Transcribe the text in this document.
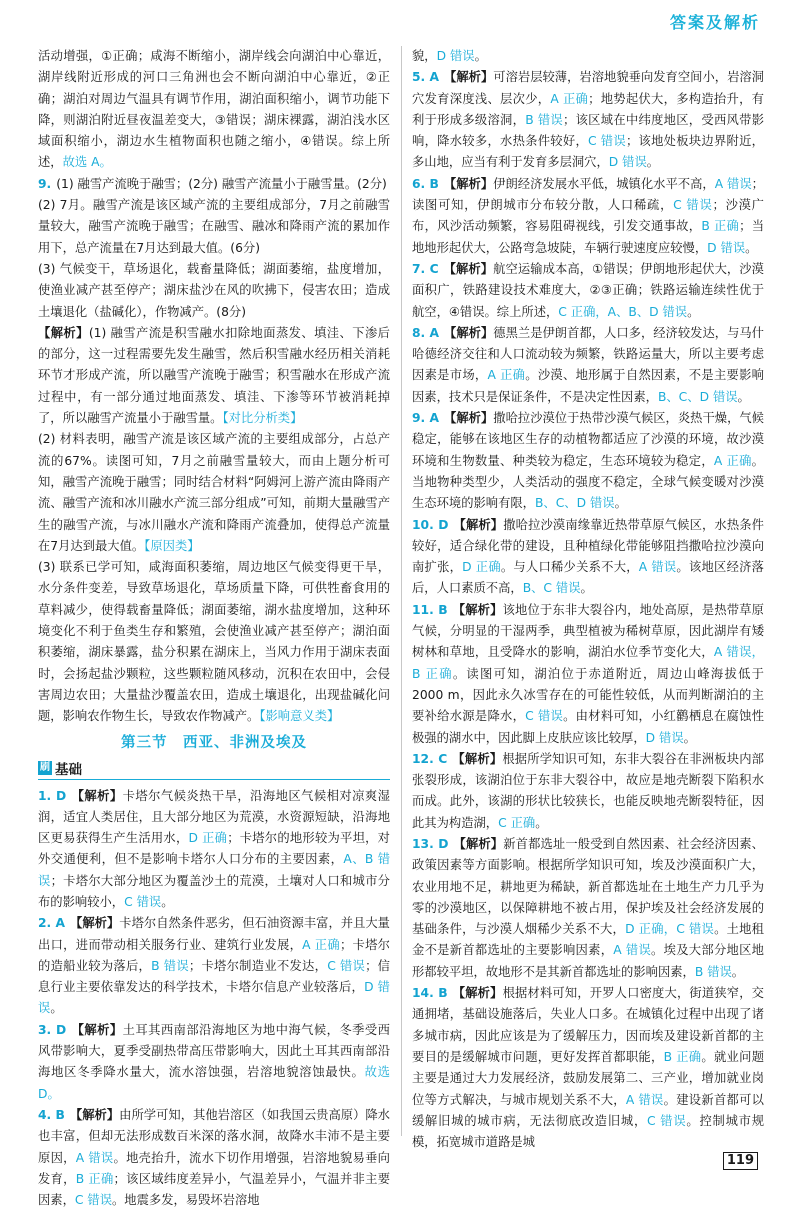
答案及解析

活动增强，①正确；咸海不断缩小，湖岸线会向湖泊中心靠近，湖岸线附近形成的河口三角洲也会不断向湖泊中心靠近，②正确；湖泊对周边气温具有调节作用，湖泊面积缩小，调节功能下降，则湖泊附近昼夜温差变大，③错误；湖床裸露，湖泊浅水区域面积缩小，湖边水生植物面积也随之缩小，④错误。综上所述，故选 A。

9. (1) 融雪产流晚于融雪；(2分) 融雪产流量小于融雪量。(2分)

(2) 7月。融雪产流是该区域产流的主要组成部分，7月之前融雪量较大，融雪产流晚于融雪；在融雪、融冰和降雨产流的累加作用下，总产流量在7月达到最大值。(6分)

(3) 气候变干，草场退化，载畜量降低；湖面萎缩，盐度增加，使渔业减产甚至停产；湖床盐沙在风的吹拂下，侵害农田；造成土壤退化（盐碱化），作物减产。(8分)

【解析】(1) 融雪产流是积雪融水扣除地面蒸发、填洼、下渗后的部分，这一过程需要先发生融雪，然后积雪融水经历相关消耗环节才形成产流，所以融雪产流晚于融雪；积雪融水在形成产流过程中，有一部分通过地面蒸发、填洼、下渗等环节被消耗掉了，所以融雪产流量小于融雪量。【对比分析类】

(2) 材料表明，融雪产流是该区域产流的主要组成部分，占总产流的67%。读图可知，7月之前融雪量较大，而由上题分析可知，融雪产流晚于融雪；同时结合材料“阿姆河上游产流由降雨产流、融雪产流和冰川融水产流三部分组成”可知，前期大量融雪产生的融雪产流，与冰川融水产流和降雨产流叠加，使得总产流量在7月达到最大值。【原因类】

(3) 联系已学可知，咸海面积萎缩，周边地区气候变得更干旱，水分条件变差，导致草场退化，草场质量下降，可供牲畜食用的草料减少，使得载畜量降低；湖面萎缩，湖水盐度增加，这种环境变化不利于鱼类生存和繁殖，会使渔业减产甚至停产；湖泊面积萎缩，湖床暴露，盐分积累在湖床上，当风力作用于湖床表面时，会扬起盐沙颗粒，这些颗粒随风移动，沉积在农田中，会侵害周边农田；大量盐沙覆盖农田，造成土壤退化，出现盐碱化问题，影响农作物生长，导致农作物减产。【影响意义类】

第三节　西亚、非洲及埃及
刷 基础

1. D 【解析】卡塔尔气候炎热干旱，沿海地区气候相对凉爽湿润，适宜人类居住，且大部分地区为荒漠，水资源短缺，沿海地区更易获得生产生活用水，D 正确；卡塔尔的地形较为平坦，对外交通便利，但不是影响卡塔尔人口分布的主要因素，A、B 错误；卡塔尔大部分地区为覆盖沙土的荒漠，土壤对人口和城市分布的影响较小，C 错误。

2. A 【解析】卡塔尔自然条件恶劣，但石油资源丰富，并且大量出口，进而带动相关服务行业、建筑行业发展，A 正确；卡塔尔的造船业较为落后，B 错误；卡塔尔制造业不发达，C 错误；信息行业主要依靠发达的科学技术，卡塔尔信息产业较落后，D 错误。

3. D 【解析】土耳其西南部沿海地区为地中海气候，冬季受西风带影响大，夏季受副热带高压带影响大，因此土耳其西南部沿海地区冬季降水量大，流水溶蚀强，岩溶地貌溶蚀最快。故选 D。

4. B 【解析】由所学可知，其他岩溶区（如我国云贵高原）降水也丰富，但却无法形成数百米深的落水洞，故降水丰沛不是主要原因，A 错误。地壳抬升，流水下切作用增强，岩溶地貌易垂向发育，B 正确；该区域纬度差异小，气温差异小，气温并非主要因素，C 错误。地震多发，易毁坏岩溶地

貌，D 错误。

5. A 【解析】可溶岩层较薄，岩溶地貌垂向发育空间小，岩溶洞穴发育深度浅、层次少，A 正确；地势起伏大，多构造抬升，有利于形成多级溶洞，B 错误；该区域在中纬度地区，受西风带影响，降水较多，水热条件较好，C 错误；该地处板块边界附近，多山地，应当有利于发育多层洞穴，D 错误。

6. B 【解析】伊朗经济发展水平低，城镇化水平不高，A 错误；读图可知，伊朗城市分布较分散，人口稀疏，C 错误；沙漠广布，风沙活动频繁，容易阻碍视线，引发交通事故，B 正确；当地地形起伏大，公路弯急坡陡，车辆行驶速度应较慢，D 错误。

7. C 【解析】航空运输成本高，①错误；伊朗地形起伏大，沙漠面积广，铁路建设技术难度大，②③正确；铁路运输连续性优于航空，④错误。综上所述，C 正确，A、B、D 错误。

8. A 【解析】德黑兰是伊朗首都，人口多，经济较发达，与马什哈德经济交往和人口流动较为频繁，铁路运量大，所以主要考虑因素是市场，A 正确。沙漠、地形属于自然因素，不是主要影响因素，技术只是保证条件，不是决定性因素，B、C、D 错误。

9. A 【解析】撒哈拉沙漠位于热带沙漠气候区，炎热干燥，气候稳定，能够在该地区生存的动植物都适应了沙漠的环境，故沙漠环境和生物数量、种类较为稳定，生态环境较为稳定，A 正确。当地物种类型少，人类活动的强度不稳定，全球气候变暖对沙漠生态环境的影响有限，B、C、D 错误。

10. D 【解析】撒哈拉沙漠南缘靠近热带草原气候区，水热条件较好，适合绿化带的建设，且种植绿化带能够阻挡撒哈拉沙漠向南扩张，D 正确。与人口稀少关系不大，A 错误。该地区经济落后，人口素质不高，B、C 错误。

11. B 【解析】该地位于东非大裂谷内，地处高原，是热带草原气候，分明显的干湿两季，典型植被为稀树草原，因此湖岸有矮树林和草地，且受降水的影响，湖泊水位季节变化大，A 错误，B 正确。读图可知，湖泊位于赤道附近，周边山峰海拔低于 2000 m，因此永久冰雪存在的可能性较低，从而判断湖泊的主要补给水源是降水，C 错误。由材料可知，小红鹳栖息在腐蚀性极强的湖水中，因此脚上皮肤应该比较厚，D 错误。

12. C 【解析】根据所学知识可知，东非大裂谷在非洲板块内部张裂形成，该湖泊位于东非大裂谷中，故应是地壳断裂下陷积水而成。此外，该湖的形状比较狭长，也能反映地壳断裂特征，因此其为构造湖，C 正确。

13. D 【解析】新首都选址一般受到自然因素、社会经济因素、政策因素等方面影响。根据所学知识可知，埃及沙漠面积广大，农业用地不足，耕地更为稀缺，新首都选址在土地生产力几乎为零的沙漠地区，以保障耕地不被占用，保护埃及社会经济发展的基础条件，与沙漠人烟稀少关系不大，D 正确，C 错误。土地租金不是新首都选址的主要影响因素，A 错误。埃及大部分地区地形都较平坦，故地形不是其新首都选址的影响因素，B 错误。

14. B 【解析】根据材料可知，开罗人口密度大，街道狭窄，交通拥堵，基础设施落后，失业人口多。在城镇化过程中出现了诸多城市病，因此应该是为了缓解压力，因而埃及建设新首都的主要目的是缓解城市问题，更好发挥首都职能，B 正确。就业问题主要是通过大力发展经济，鼓励发展第二、三产业，增加就业岗位等方式解决，与城市规划关系不大，A 错误。建设新首都可以缓解旧城的城市病，无法彻底改造旧城，C 错误。控制城市规模，拓宽城市道路是城

119
